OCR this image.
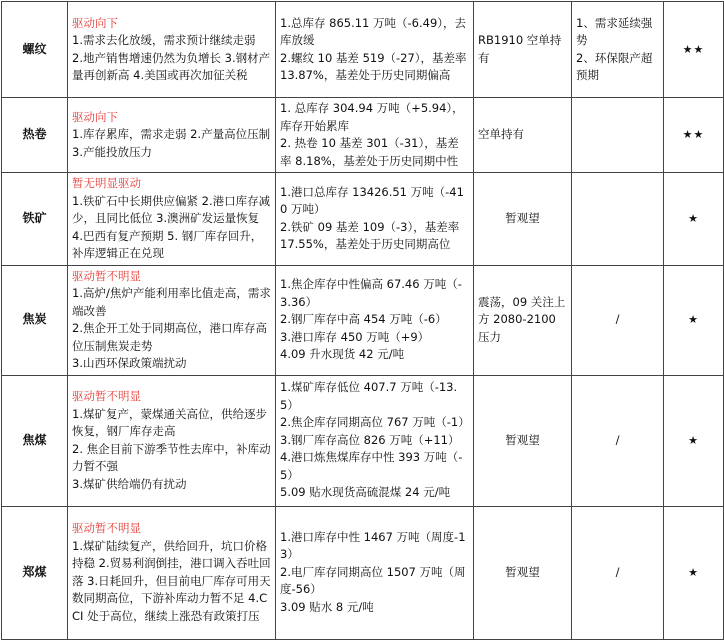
螺纹	驱动向下
1.需求去化放缓，需求预计继续走弱
2.地产销售增速仍然为负增长 3.钢材产量再创新高 4.美国或再次加征关税	1.总库存 865.11 万吨（-6.49），去库放缓
2.螺纹 10 基差 519（-27），基差率 13.87%，基差处于历史同期偏高	RB1910 空单持有	1、需求延续强势
2、环保限产超预期	★★
热卷	驱动向下
1.库存累库，需求走弱 2.产量高位压制 3.产能投放压力	1. 总库存 304.94 万吨（+5.94），库存开始累库
2. 热卷 10 基差 301（-31），基差率 8.18%，基差处于历史同期中性	空单持有		★★
铁矿	暂无明显驱动
1.铁矿石中长期供应偏紧 2.港口库存减少，且同比低位 3.澳洲矿发运量恢复 4.巴西有复产预期 5. 钢厂库存回升，补库逻辑正在兑现	1.港口总库存 13426.51 万吨（-410 万吨）
2.铁矿 09 基差 109（-3），基差率 17.55%，基差处于历史同期高位	暂观望		★
焦炭	驱动暂不明显
1.高炉/焦炉产能利用率比值走高，需求端改善
2.焦企开工处于同期高位，港口库存高位压制焦炭走势
3.山西环保政策端扰动	1.焦企库存中性偏高 67.46 万吨（-3.36）
2.钢厂库存中高 454 万吨（-6）
3.港口库存 450 万吨（+9）
4.09 升水现货 42 元/吨	震荡，09 关注上方 2080-2100 压力	/	★
焦煤	驱动暂不明显
1.煤矿复产，蒙煤通关高位，供给逐步恢复，钢厂库存走高
2. 焦企目前下游季节性去库中，补库动力暂不强
3.煤矿供给端仍有扰动	1.煤矿库存低位 407.7 万吨（-13.5）
2.焦企库存同期高位 767 万吨（-1）
3.钢厂库存高位 826 万吨（+11） 4.港口炼焦煤库存中性 393 万吨（-5）
5.09 贴水现货高硫混煤 24 元/吨	暂观望	/	★
郑煤	驱动暂不明显
1.煤矿陆续复产，供给回升，坑口价格持稳 2.贸易利润倒挂，港口调入吞吐回落 3.日耗回升，但目前电厂库存可用天数同期高位，下游补库动力暂不足 4.CCI 处于高位，继续上涨恐有政策打压	1.港口库存中性 1467 万吨（周度-13）
2.电厂库存同期高位 1507 万吨（周度-56）
3.09 贴水 8 元/吨	暂观望	/	★
